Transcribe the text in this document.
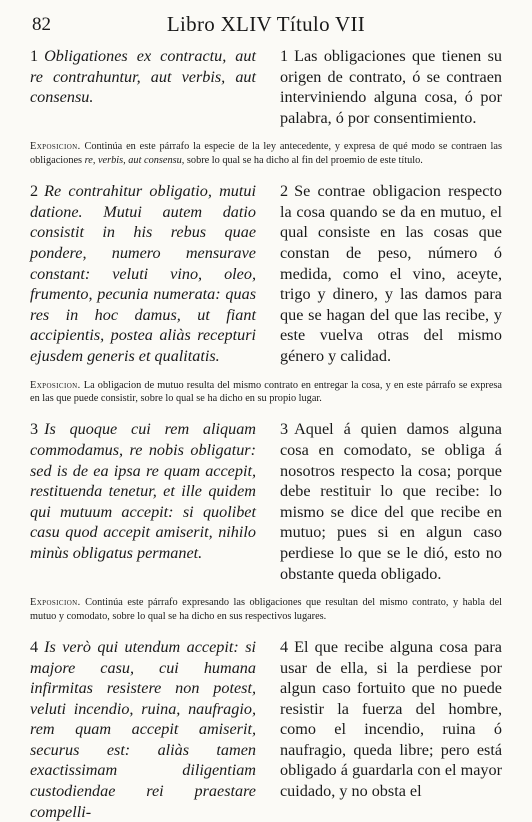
82	Libro XLIV Título VII
1 Obligationes ex contractu, aut re contrahuntur, aut verbis, aut consensu.
1 Las obligaciones que tienen su origen de contrato, ó se contraen interviniendo alguna cosa, ó por palabra, ó por consentimiento.

Exposicion. Continúa en este párrafo la especie de la ley antecedente, y expresa de qué modo se contraen las obligaciones re, verbis, aut consensu, sobre lo qual se ha dicho al fin del proemio de este título.

2 Re contrahitur obligatio, mutui datione. Mutui autem datio consistit in his rebus quae pondere, numero mensurave constant: veluti vino, oleo, frumento, pecunia numerata: quas res in hoc damus, ut fiant accipientis, postea aliàs recepturi ejusdem generis et qualitatis.
2 Se contrae obligacion respecto la cosa quando se da en mutuo, el qual consiste en las cosas que constan de peso, número ó medida, como el vino, aceyte, trigo y dinero, y las damos para que se hagan del que las recibe, y este vuelva otras del mismo género y calidad.

Exposicion. La obligacion de mutuo resulta del mismo contrato en entregar la cosa, y en este párrafo se expresa en las que puede consistir, sobre lo qual se ha dicho en su propio lugar.

3 Is quoque cui rem aliquam commodamus, re nobis obligatur: sed is de ea ipsa re quam accepit, restituenda tenetur, et ille quidem qui mutuum accepit: si quolibet casu quod accepit amiserit, nihilo minùs obligatus permanet.
3 Aquel á quien damos alguna cosa en comodato, se obliga á nosotros respecto la cosa; porque debe restituir lo que recibe: lo mismo se dice del que recibe en mutuo; pues si en algun caso perdiese lo que se le dió, esto no obstante queda obligado.

Exposicion. Continúa este párrafo expresando las obligaciones que resultan del mismo contrato, y habla del mutuo y comodato, sobre lo qual se ha dicho en sus respectivos lugares.

4 Is verò qui utendum accepit: si majore casu, cui humana infirmitas resistere non potest, veluti incendio, ruina, naufragio, rem quam accepit amiserit, securus est: aliàs tamen exactissimam diligentiam custodiendae rei praestare compelli-
4 El que recibe alguna cosa para usar de ella, si la perdiese por algun caso fortuito que no puede resistir la fuerza del hombre, como el incendio, ruina ó naufragio, queda libre; pero está obligado á guardarla con el mayor cuidado, y no obsta el
